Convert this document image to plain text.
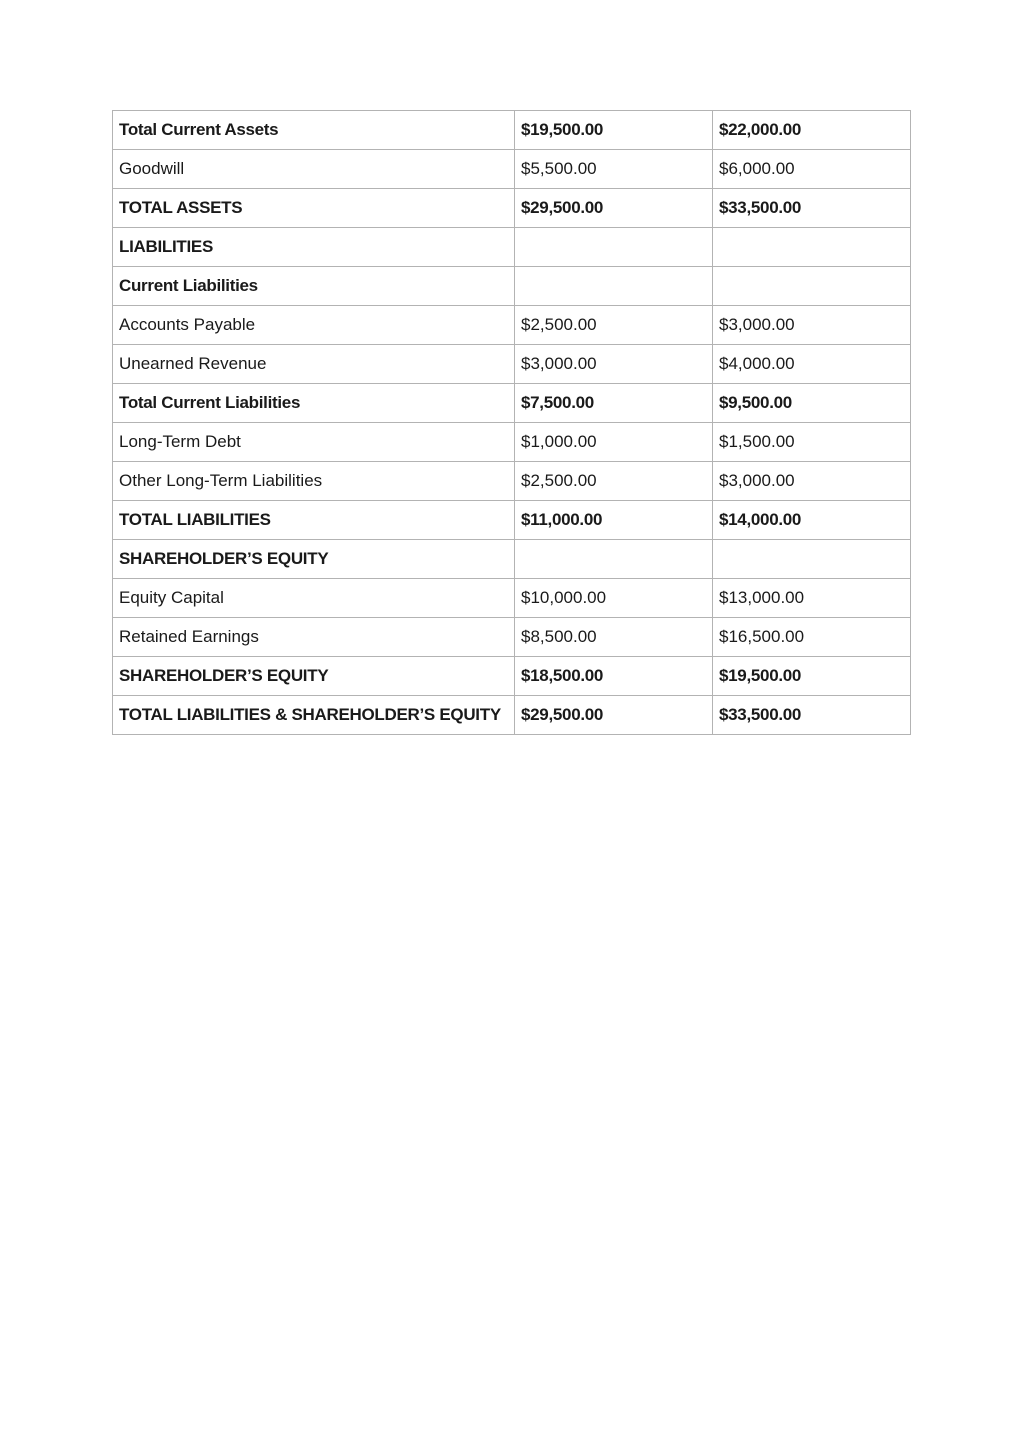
Total Current Assets	$19,500.00	$22,000.00
Goodwill	$5,500.00	$6,000.00
TOTAL ASSETS	$29,500.00	$33,500.00
LIABILITIES		
Current Liabilities		
Accounts Payable	$2,500.00	$3,000.00
Unearned Revenue	$3,000.00	$4,000.00
Total Current Liabilities	$7,500.00	$9,500.00
Long-Term Debt	$1,000.00	$1,500.00
Other Long-Term Liabilities	$2,500.00	$3,000.00
TOTAL LIABILITIES	$11,000.00	$14,000.00
SHAREHOLDER’S EQUITY		
Equity Capital	$10,000.00	$13,000.00
Retained Earnings	$8,500.00	$16,500.00
SHAREHOLDER’S EQUITY	$18,500.00	$19,500.00
TOTAL LIABILITIES & SHAREHOLDER’S EQUITY	$29,500.00	$33,500.00
